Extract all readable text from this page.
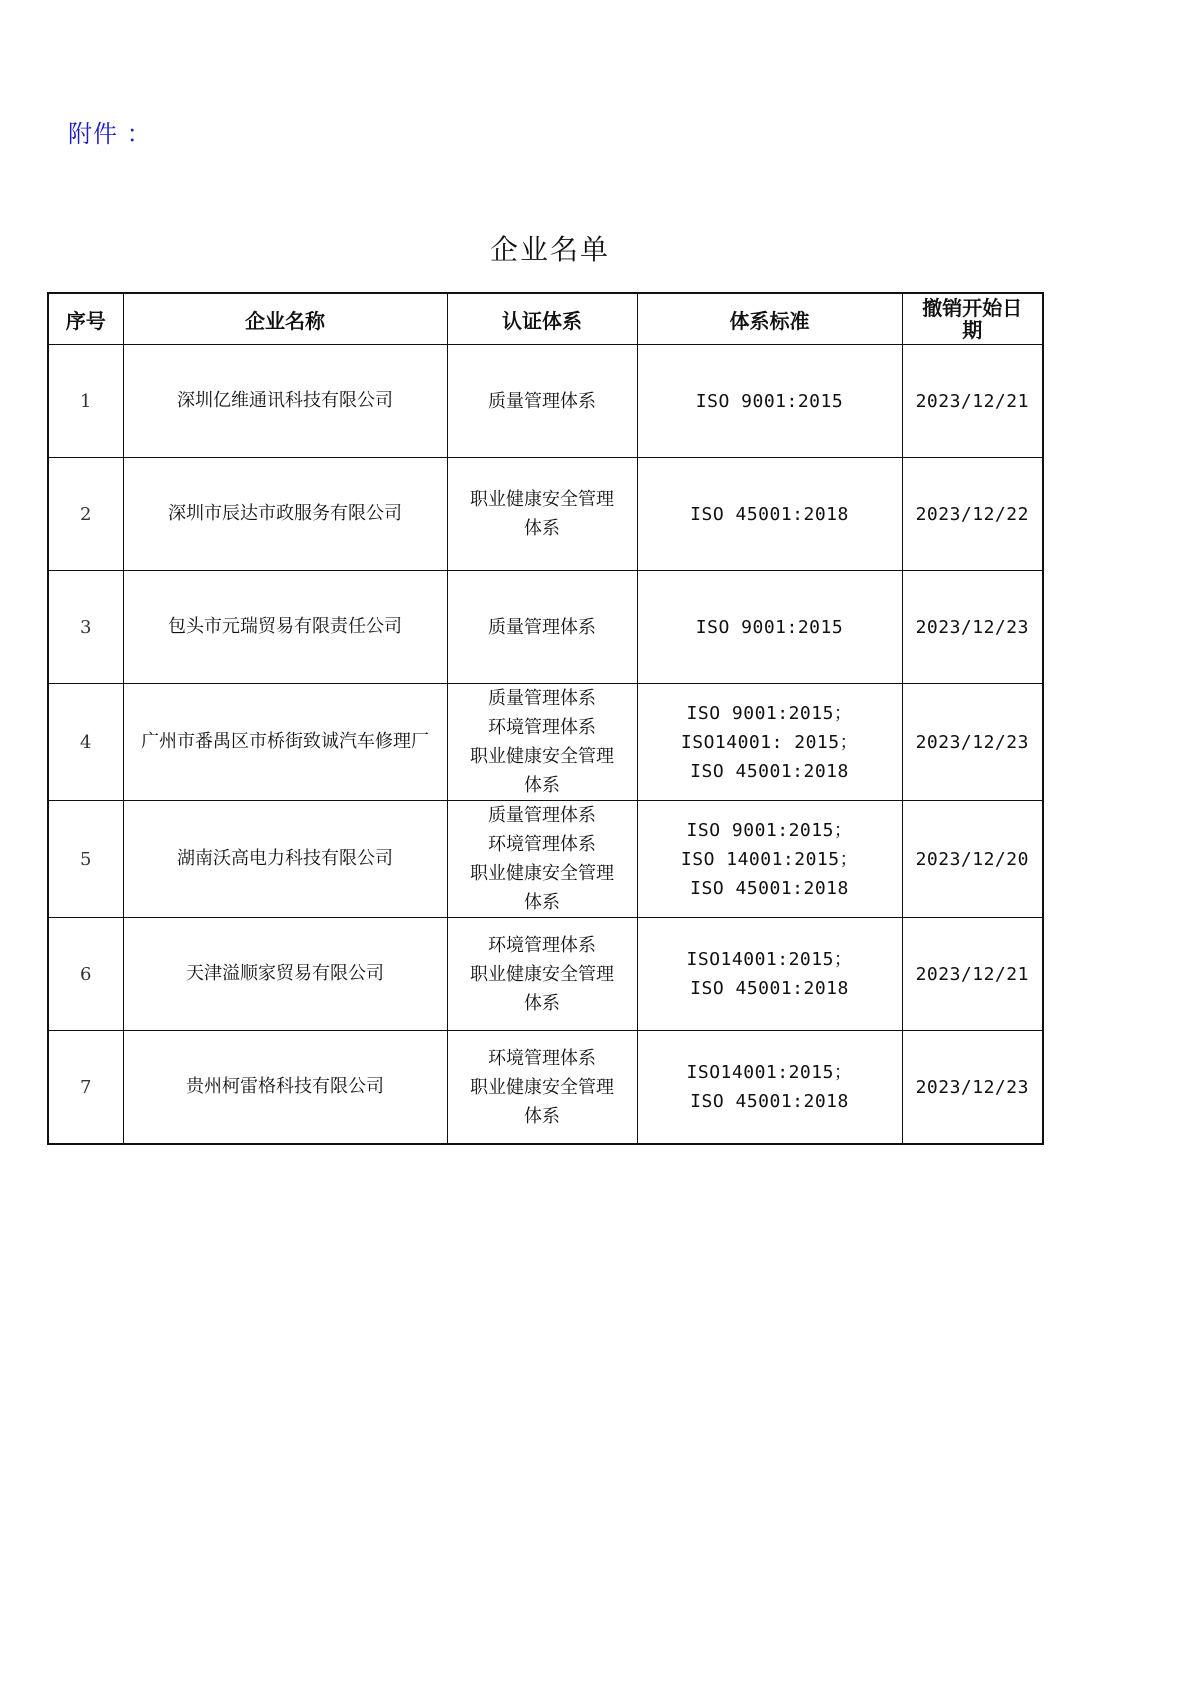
附件 ：
企业名单
序号	企业名称	认证体系	体系标准	撤销开始日
期

1	深圳亿维通讯科技有限公司	质量管理体系	ISO 9001:2015	2023/12/21
2	深圳市辰达市政服务有限公司	职业健康安全管理
体系	ISO 45001:2018	2023/12/22
3	包头市元瑞贸易有限责任公司	质量管理体系	ISO 9001:2015	2023/12/23
4	广州市番禺区市桥街致诚汽车修理厂	质量管理体系
环境管理体系
职业健康安全管理
体系	ISO 9001:2015；
ISO14001: 2015；
ISO 45001:2018	2023/12/23
5	湖南沃高电力科技有限公司	质量管理体系
环境管理体系
职业健康安全管理
体系	ISO 9001:2015；
ISO 14001:2015；
ISO 45001:2018	2023/12/20
6	天津溢顺家贸易有限公司	环境管理体系
职业健康安全管理
体系	ISO14001:2015；
ISO 45001:2018	2023/12/21
7	贵州柯雷格科技有限公司	环境管理体系
职业健康安全管理
体系	ISO14001:2015；
ISO 45001:2018	2023/12/23
